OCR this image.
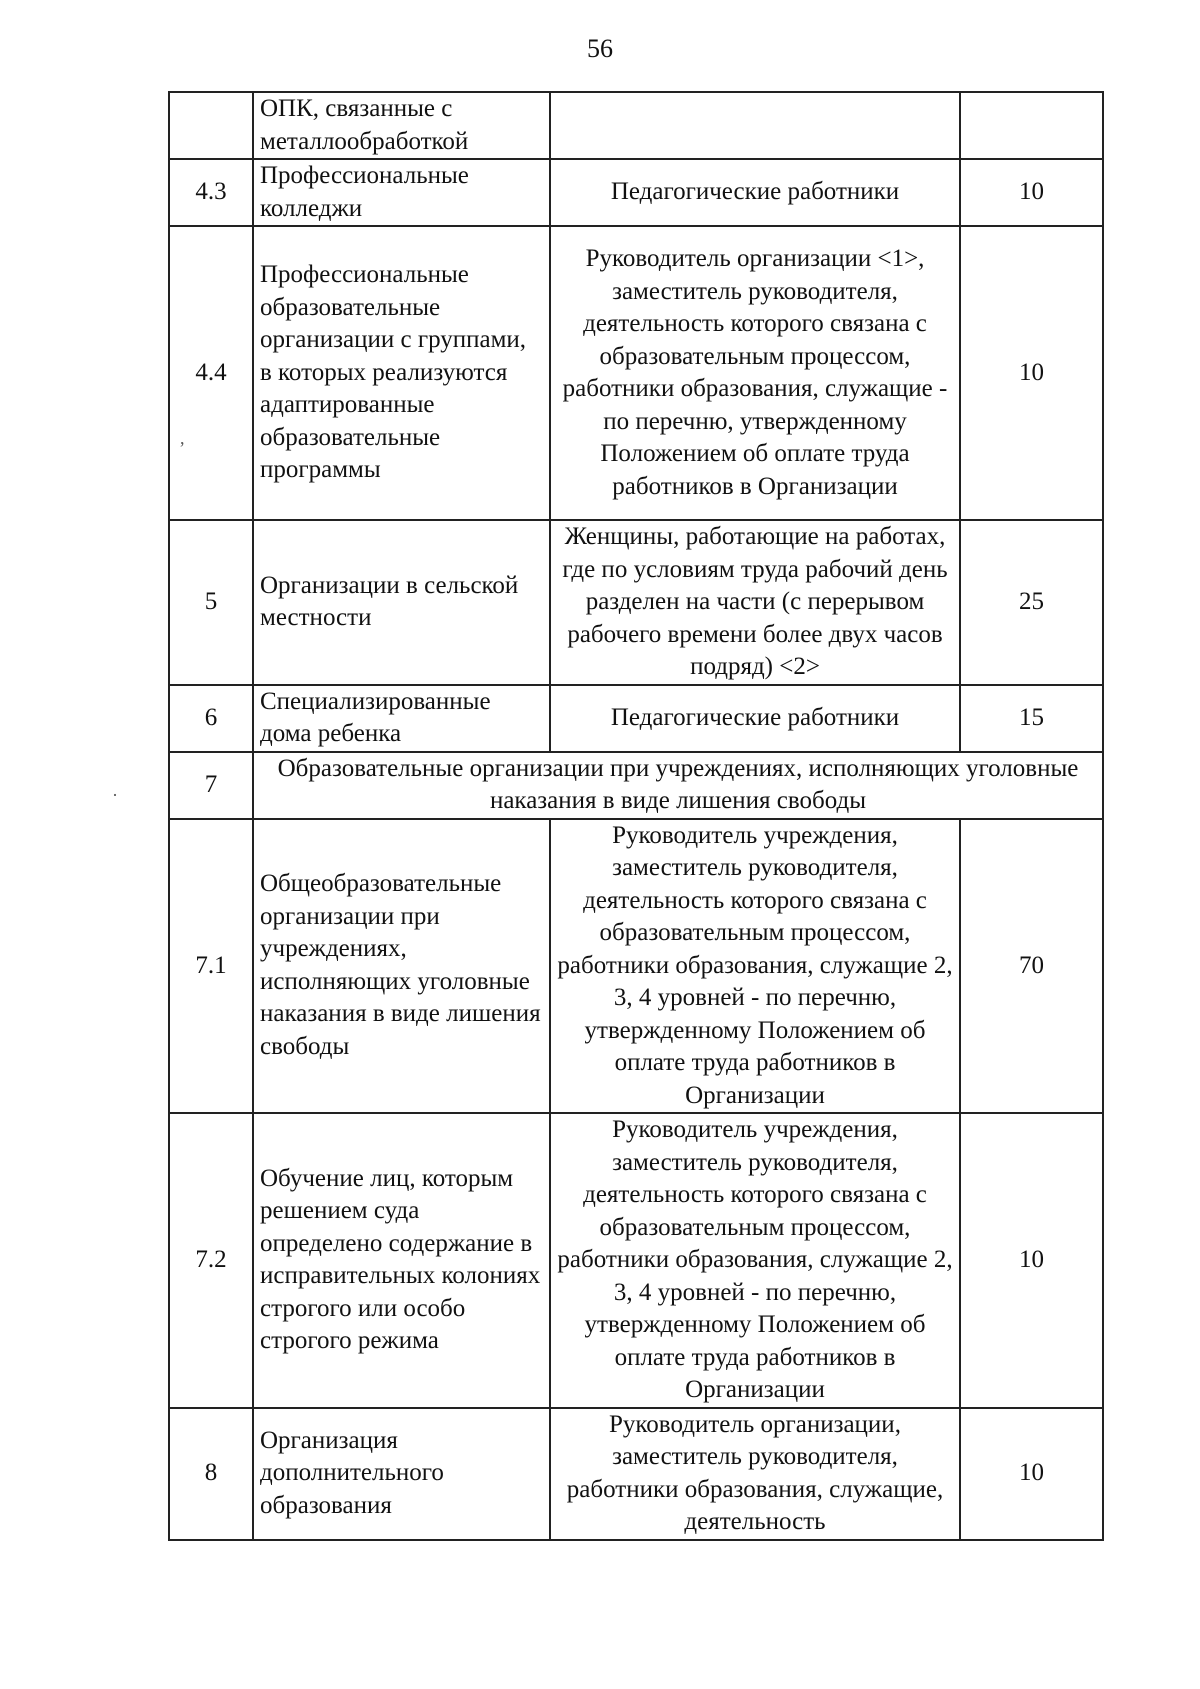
56
	ОПК, связанные с металлообработкой		
4.3	Профессиональные колледжи	Педагогические работники	10
4.4	Профессиональные образовательные организации с группами, в которых реализуются адаптированные образовательные программы	Руководитель организации <1>, заместитель руководителя, деятельность которого связана с образовательным процессом, работники образования, служащие - по перечню, утвержденному Положением об оплате труда работников в Организации	10
5	Организации в сельской местности	Женщины, работающие на работах, где по условиям труда рабочий день разделен на части (с перерывом рабочего времени более двух часов подряд) <2>	25
6	Специализированные дома ребенка	Педагогические работники	15
7	Образовательные организации при учреждениях, исполняющих уголовные наказания в виде лишения свободы		
7.1	Общеобразовательные организации при учреждениях, исполняющих уголовные наказания в виде лишения свободы	Руководитель учреждения, заместитель руководителя, деятельность которого связана с образовательным процессом, работники образования, служащие 2, 3, 4 уровней - по перечню, утвержденному Положением об оплате труда работников в Организации	70
7.2	Обучение лиц, которым решением суда определено содержание в исправительных колониях строгого или особо строгого режима	Руководитель учреждения, заместитель руководителя, деятельность которого связана с образовательным процессом, работники образования, служащие 2, 3, 4 уровней - по перечню, утвержденному Положением об оплате труда работников в Организации	10
8	Организация дополнительного образования	Руководитель организации, заместитель руководителя, работники образования, служащие, деятельность	10
,
·
